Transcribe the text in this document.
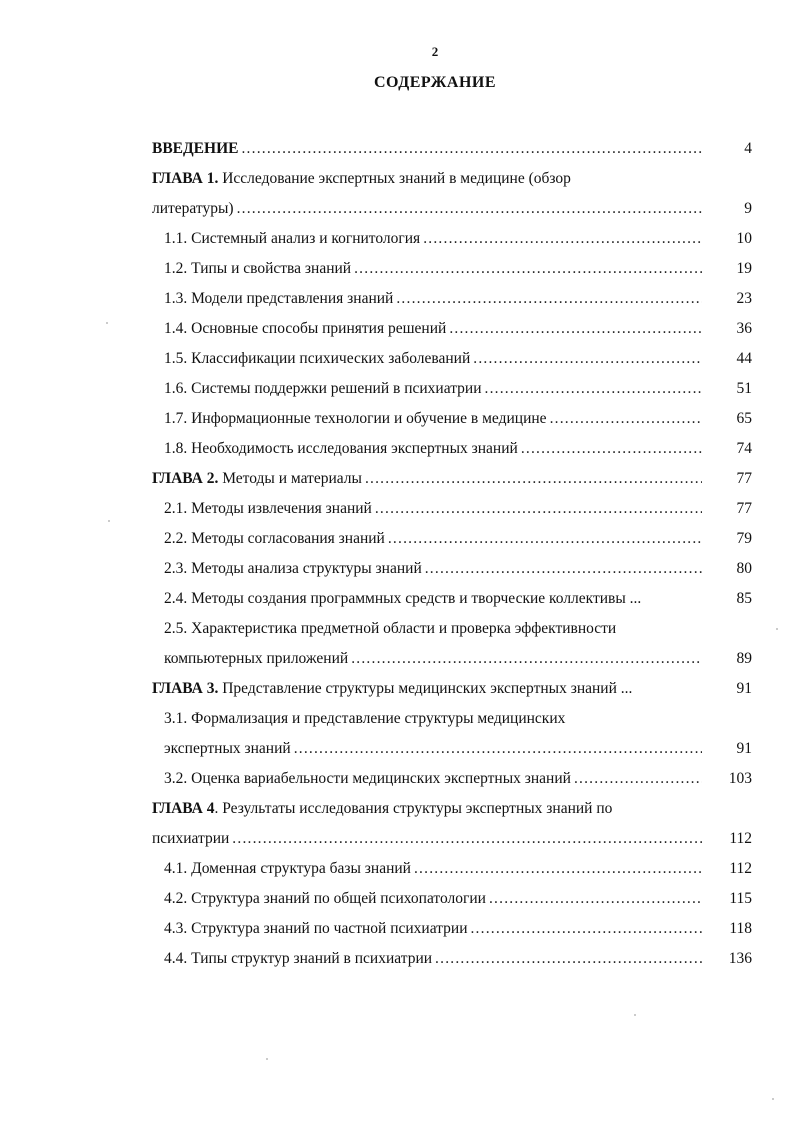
2
СОДЕРЖАНИЕ
ВВЕДЕНИЕ .....	4
ГЛАВА 1. Исследование экспертных знаний в медицине (обзор
литературы) .....	9
1.1. Системный анализ и когнитология .....	10
1.2. Типы и свойства знаний .....	19
1.3. Модели представления знаний .....	23
1.4. Основные способы принятия решений .....	36
1.5. Классификации психических заболеваний .....	44
1.6. Системы поддержки решений в психиатрии .....	51
1.7. Информационные технологии и обучение в медицине .....	65
1.8. Необходимость исследования экспертных знаний .....	74
ГЛАВА 2. Методы и материалы .....	77
2.1. Методы извлечения знаний .....	77
2.2. Методы согласования знаний .....	79
2.3. Методы анализа структуры знаний .....	80
2.4. Методы создания программных средств и творческие коллективы ...	85
2.5. Характеристика предметной области и проверка эффективности
компьютерных приложений .....	89
ГЛАВА 3. Представление структуры медицинских экспертных знаний ...	91
3.1. Формализация и представление структуры медицинских
экспертных знаний .....	91
3.2. Оценка вариабельности медицинских экспертных знаний .....	103
ГЛАВА 4. Результаты исследования структуры экспертных знаний по
психиатрии .....	112
4.1. Доменная структура базы знаний .....	112
4.2. Структура знаний по общей психопатологии .....	115
4.3. Структура знаний по частной психиатрии .....	118
4.4. Типы структур знаний в психиатрии .....	136
